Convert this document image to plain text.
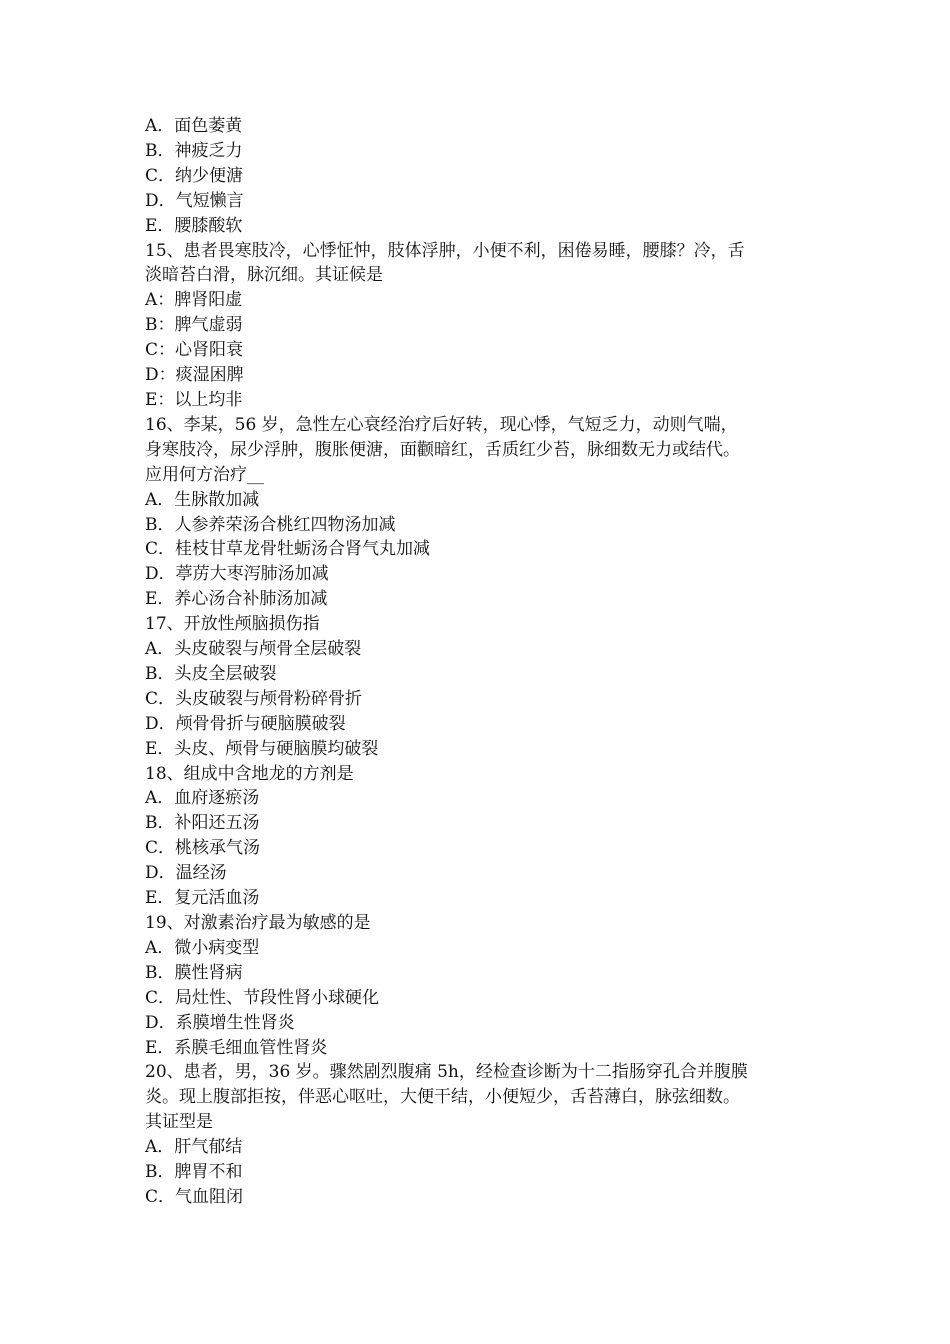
A．面色萎黄
B．神疲乏力
C．纳少便溏
D．气短懒言
E．腰膝酸软
15、患者畏寒肢冷，心悸怔忡，肢体浮肿，小便不利，困倦易睡，腰膝？冷，舌
淡暗苔白滑，脉沉细。其证候是
A：脾肾阳虚
B：脾气虚弱
C：心肾阳衰
D：痰湿困脾
E：以上均非
16、李某，56 岁，急性左心衰经治疗后好转，现心悸，气短乏力，动则气喘，
身寒肢冷，尿少浮肿，腹胀便溏，面颧暗红，舌质红少苔，脉细数无力或结代。
应用何方治疗__
A．生脉散加减
B．人参养荣汤合桃红四物汤加减
C．桂枝甘草龙骨牡蛎汤合肾气丸加减
D．葶苈大枣泻肺汤加减
E．养心汤合补肺汤加减
17、开放性颅脑损伤指
A．头皮破裂与颅骨全层破裂
B．头皮全层破裂
C．头皮破裂与颅骨粉碎骨折
D．颅骨骨折与硬脑膜破裂
E．头皮、颅骨与硬脑膜均破裂
18、组成中含地龙的方剂是
A．血府逐瘀汤
B．补阳还五汤
C．桃核承气汤
D．温经汤
E．复元活血汤
19、对激素治疗最为敏感的是
A．微小病变型
B．膜性肾病
C．局灶性、节段性肾小球硬化
D．系膜增生性肾炎
E．系膜毛细血管性肾炎
20、患者，男，36 岁。骤然剧烈腹痛 5h，经检查诊断为十二指肠穿孔合并腹膜
炎。现上腹部拒按，伴恶心呕吐，大便干结，小便短少，舌苔薄白，脉弦细数。
其证型是
A．肝气郁结
B．脾胃不和
C．气血阻闭
